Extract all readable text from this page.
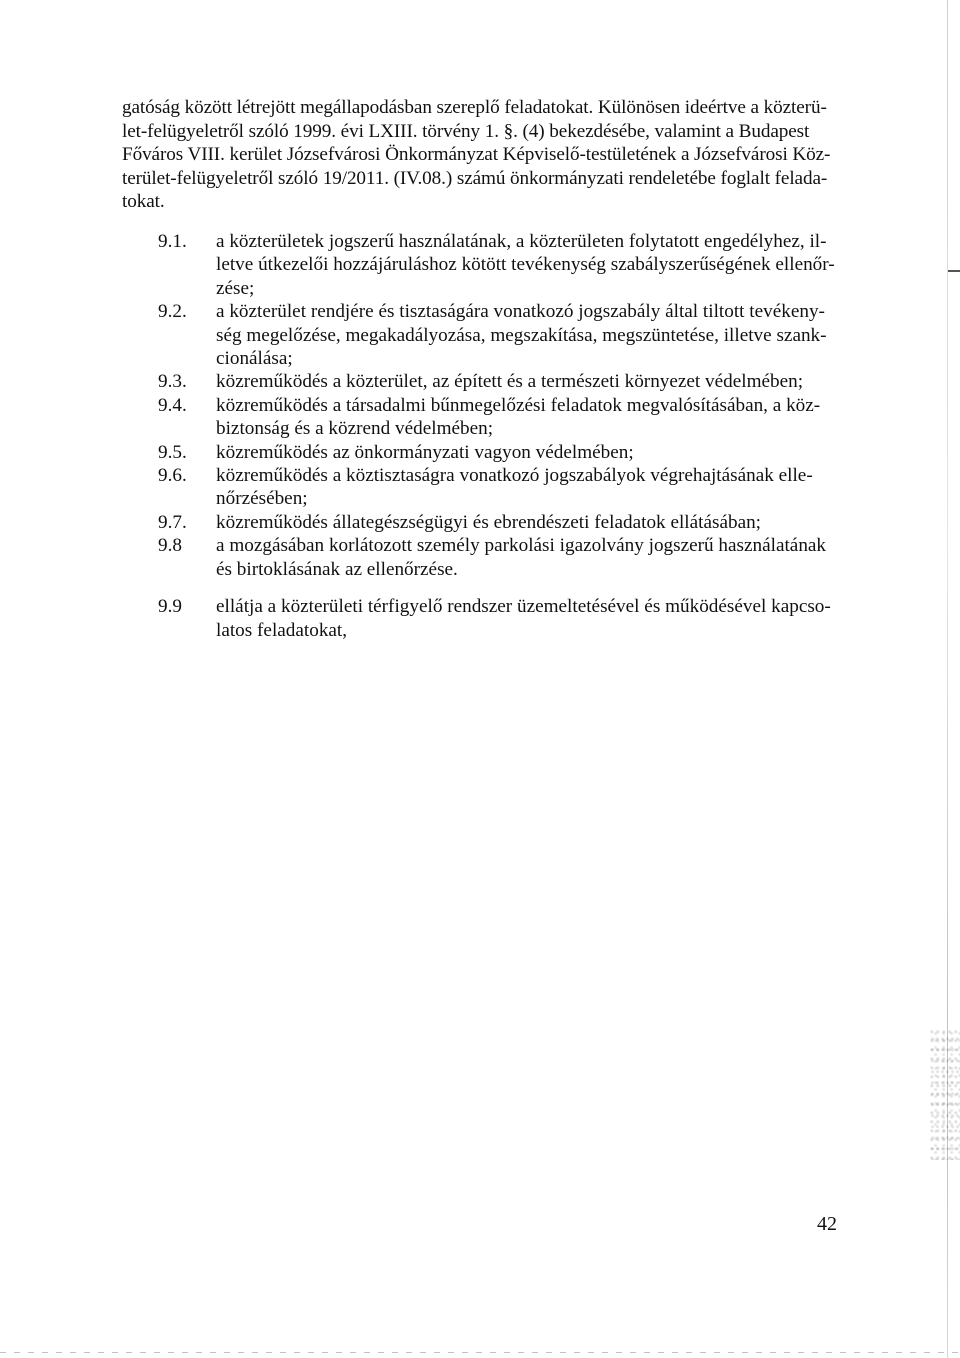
gatóság között létrejött megállapodásban szereplő feladatokat. Különösen ideértve a közterü-
let-felügyeletről szóló 1999. évi LXIII. törvény 1. §. (4) bekezdésébe, valamint a Budapest
Főváros VIII. kerület Józsefvárosi Önkormányzat Képviselő-testületének a Józsefvárosi Köz-
terület-felügyeletről szóló 19/2011. (IV.08.) számú önkormányzati rendeletébe foglalt felada-
tokat.

9.1. a közterületek jogszerű használatának, a közterületen folytatott engedélyhez, il-
letve útkezelői hozzájáruláshoz kötött tevékenység szabályszerűségének ellenőr-
zése;
9.2. a közterület rendjére és tisztaságára vonatkozó jogszabály által tiltott tevékeny-
ség megelőzése, megakadályozása, megszakítása, megszüntetése, illetve szank-
cionálása;
9.3. közreműködés a közterület, az épített és a természeti környezet védelmében;
9.4. közreműködés a társadalmi bűnmegelőzési feladatok megvalósításában, a köz-
biztonság és a közrend védelmében;
9.5. közreműködés az önkormányzati vagyon védelmében;
9.6. közreműködés a köztisztaságra vonatkozó jogszabályok végrehajtásának elle-
nőrzésében;
9.7. közreműködés állategészségügyi és ebrendészeti feladatok ellátásában;
9.8 a mozgásában korlátozott személy parkolási igazolvány jogszerű használatának
és birtoklásának az ellenőrzése.
9.9 ellátja a közterületi térfigyelő rendszer üzemeltetésével és működésével kapcso-
latos feladatokat,
42
